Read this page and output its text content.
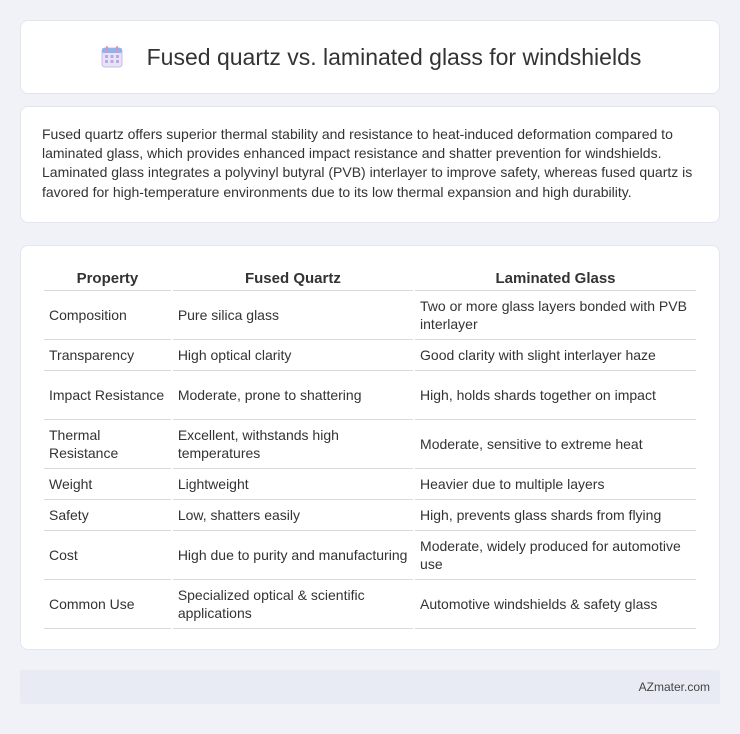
Fused quartz vs. laminated glass for windshields

Fused quartz offers superior thermal stability and resistance to heat-induced deformation compared to laminated glass, which provides enhanced impact resistance and shatter prevention for windshields. Laminated glass integrates a polyvinyl butyral (PVB) interlayer to improve safety, whereas fused quartz is favored for high-temperature environments due to its low thermal expansion and high durability.

Property	Fused Quartz	Laminated Glass
Composition	Pure silica glass	Two or more glass layers bonded with PVB interlayer
Transparency	High optical clarity	Good clarity with slight interlayer haze
Impact Resistance	Moderate, prone to shattering	High, holds shards together on impact
Thermal Resistance	Excellent, withstands high temperatures	Moderate, sensitive to extreme heat
Weight	Lightweight	Heavier due to multiple layers
Safety	Low, shatters easily	High, prevents glass shards from flying
Cost	High due to purity and manufacturing	Moderate, widely produced for automotive use
Common Use	Specialized optical & scientific applications	Automotive windshields & safety glass
AZmater.com
